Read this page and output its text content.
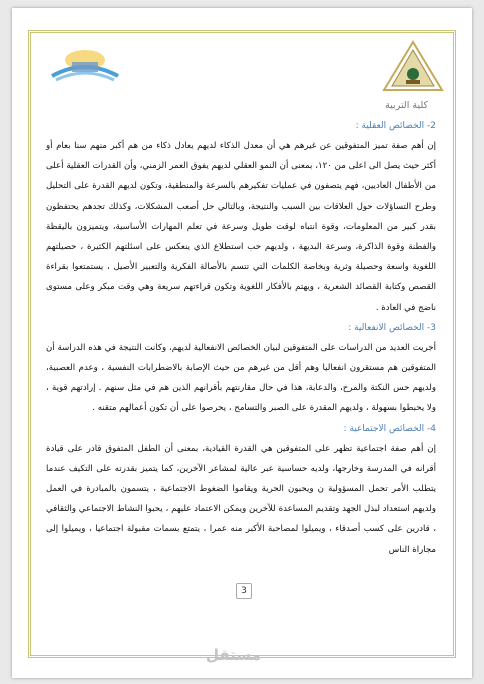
كلية التربية

2- الخصائص العقلية :

إن أهم صفة تميز المتفوقين عن غيرهم هي أن معدل الذكاء لديهم يعادل ذكاء من هم أكبر منهم سنا بعام أو أكثر حيث يصل الى اعلى من ١٢٠، بمعنى أن النمو العقلي لديهم يفوق العمر الزمني، وأن القدرات العقلية أعلى من الأطفال العاديين، فهم يتصفون في عمليات تفكيرهم بالسرعة والمنطقية، وتكون لديهم القدرة على التحليل وطرح التساؤلات حول العلاقات بين السبب والنتيجة، وبالتالي حل أصعب المشكلات، وكذلك تجدهم يحتفظون بقدر كبير من المعلومات، وقوة انتباه لوقت طويل وسرعة في تعلم المهارات الأساسية، ويتميزون باليقظة والفطنة وقوة الذاكرة، وسرعة البديهة ، ولديهم حب استطلاع الذي ينعكس على اسئلتهم الكثيرة ، حصيلتهم اللغوية واسعة وحصيلة وثرية وبخاصة الكلمات التي تتسم بالأصالة الفكرية والتعبير الأصيل ، يستمتعوا بقراءة القصص وكتابة القصائد الشعرية ، ويهتم بالأفكار اللغوية وتكون قراءتهم سريعة وهي وقت مبكر وعلى مستوى ناضج في العادة .

3- الخصائص الانفعالية :

أجريت العديد من الدراسات على المتفوقين لبيان الخصائص الانفعالية لديهم، وكانت النتيجة في هذه الدراسة أن المتفوقين هم مستقرون انفعاليا وهم أقل من غيرهم من حيث الإصابة بالاضطرابات النفسية ، وعدم العصبية، ولديهم حس النكتة والمرح، والدعابة، هذا في حال مقارنتهم بأقرانهم الذين هم في مثل سنهم . إرادتهم قوية ، ولا يحبطوا بسهولة ، ولديهم المقدرة على الصبر والتسامح ، يحرصوا على أن تكون أعمالهم متقنه .

4- الخصائص الاجتماعية :

إن أهم صفة اجتماعية تظهر على المتفوقين هي القدرة القيادية، بمعنى أن الطفل المتفوق قادر على قيادة أقرانه في المدرسة وخارجها، ولديه حساسية عبر عالية لمشاعر الآخرين، كما يتميز بقدرته على التكيف عندما يتطلب الأمر تحمل المسؤولية ن ويحبون الحرية ويقاموا الضغوط الاجتماعية ، يتسمون بالمبادرة في العمل ولديهم استعداد لبذل الجهد وتقديم المساعدة للآخرين ويمكن الاعتماد عليهم ، يحبوا النشاط الاجتماعي والثقافي ، قادرين على كسب أصدقاء ، ويميلوا لمصاحبة الأكبر منه عمرا ، يتمتع بسمات مقبولة اجتماعيا ، ويميلوا إلى مجاراة الناس

3
مستقل
